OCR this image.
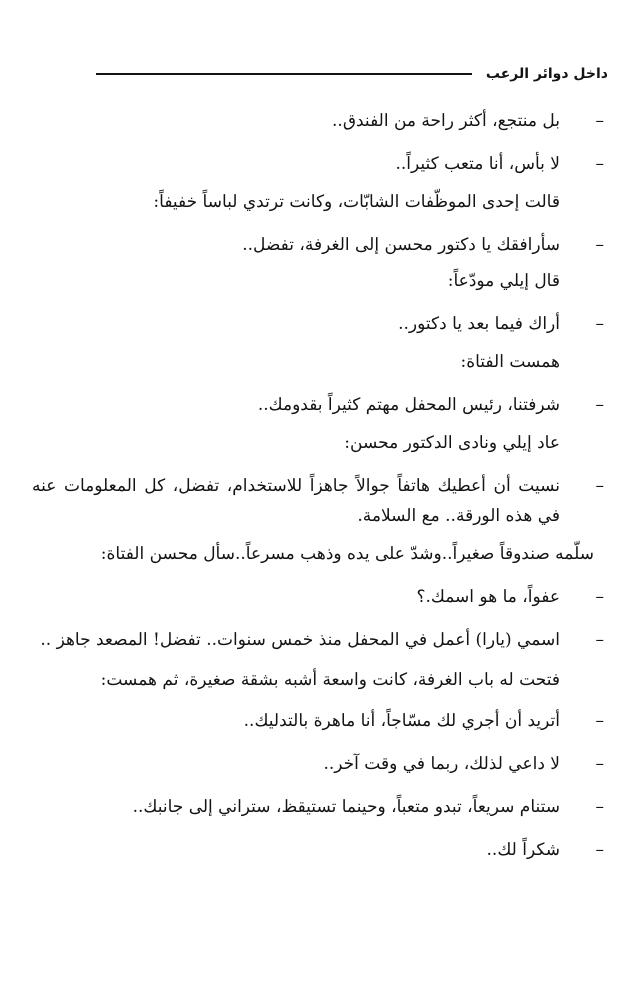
داخل دوائر الرعب

–
بل منتجع، أكثر راحة من الفندق..

–
لا بأس، أنا متعب كثيراً..

قالت إحدى الموظّفات الشابّات، وكانت ترتدي لباساً خفيفاً:

–
سأرافقك يا دكتور محسن إلى الغرفة، تفضل..

قال إيلي مودّعاً:

–
أراك فيما بعد يا دكتور..

همست الفتاة:

–
شرفتنا، رئيس المحفل مهتم كثيراً بقدومك..

عاد إيلي ونادى الدكتور محسن:

–
نسيت أن أعطيك هاتفاً جوالاً جاهزاً للاستخدام، تفضل، كل المعلومات عنه في هذه الورقة.. مع السلامة.

سلّمه صندوقاً صغيراً..وشدّ على يده وذهب مسرعاً..سأل محسن الفتاة:

–
عفواً، ما هو اسمك.؟

–
اسمي (يارا) أعمل في المحفل منذ خمس سنوات.. تفضل! المصعد جاهز ..

فتحت له باب الغرفة، كانت واسعة أشبه بشقة صغيرة، ثم همست:

–
أتريد أن أجري لك مسّاجاً، أنا ماهرة بالتدليك..

–
لا داعي لذلك، ربما في وقت آخر..

–
ستنام سريعاً، تبدو متعباً، وحينما تستيقظ، ستراني إلى جانبك..

–
شكراً لك..
